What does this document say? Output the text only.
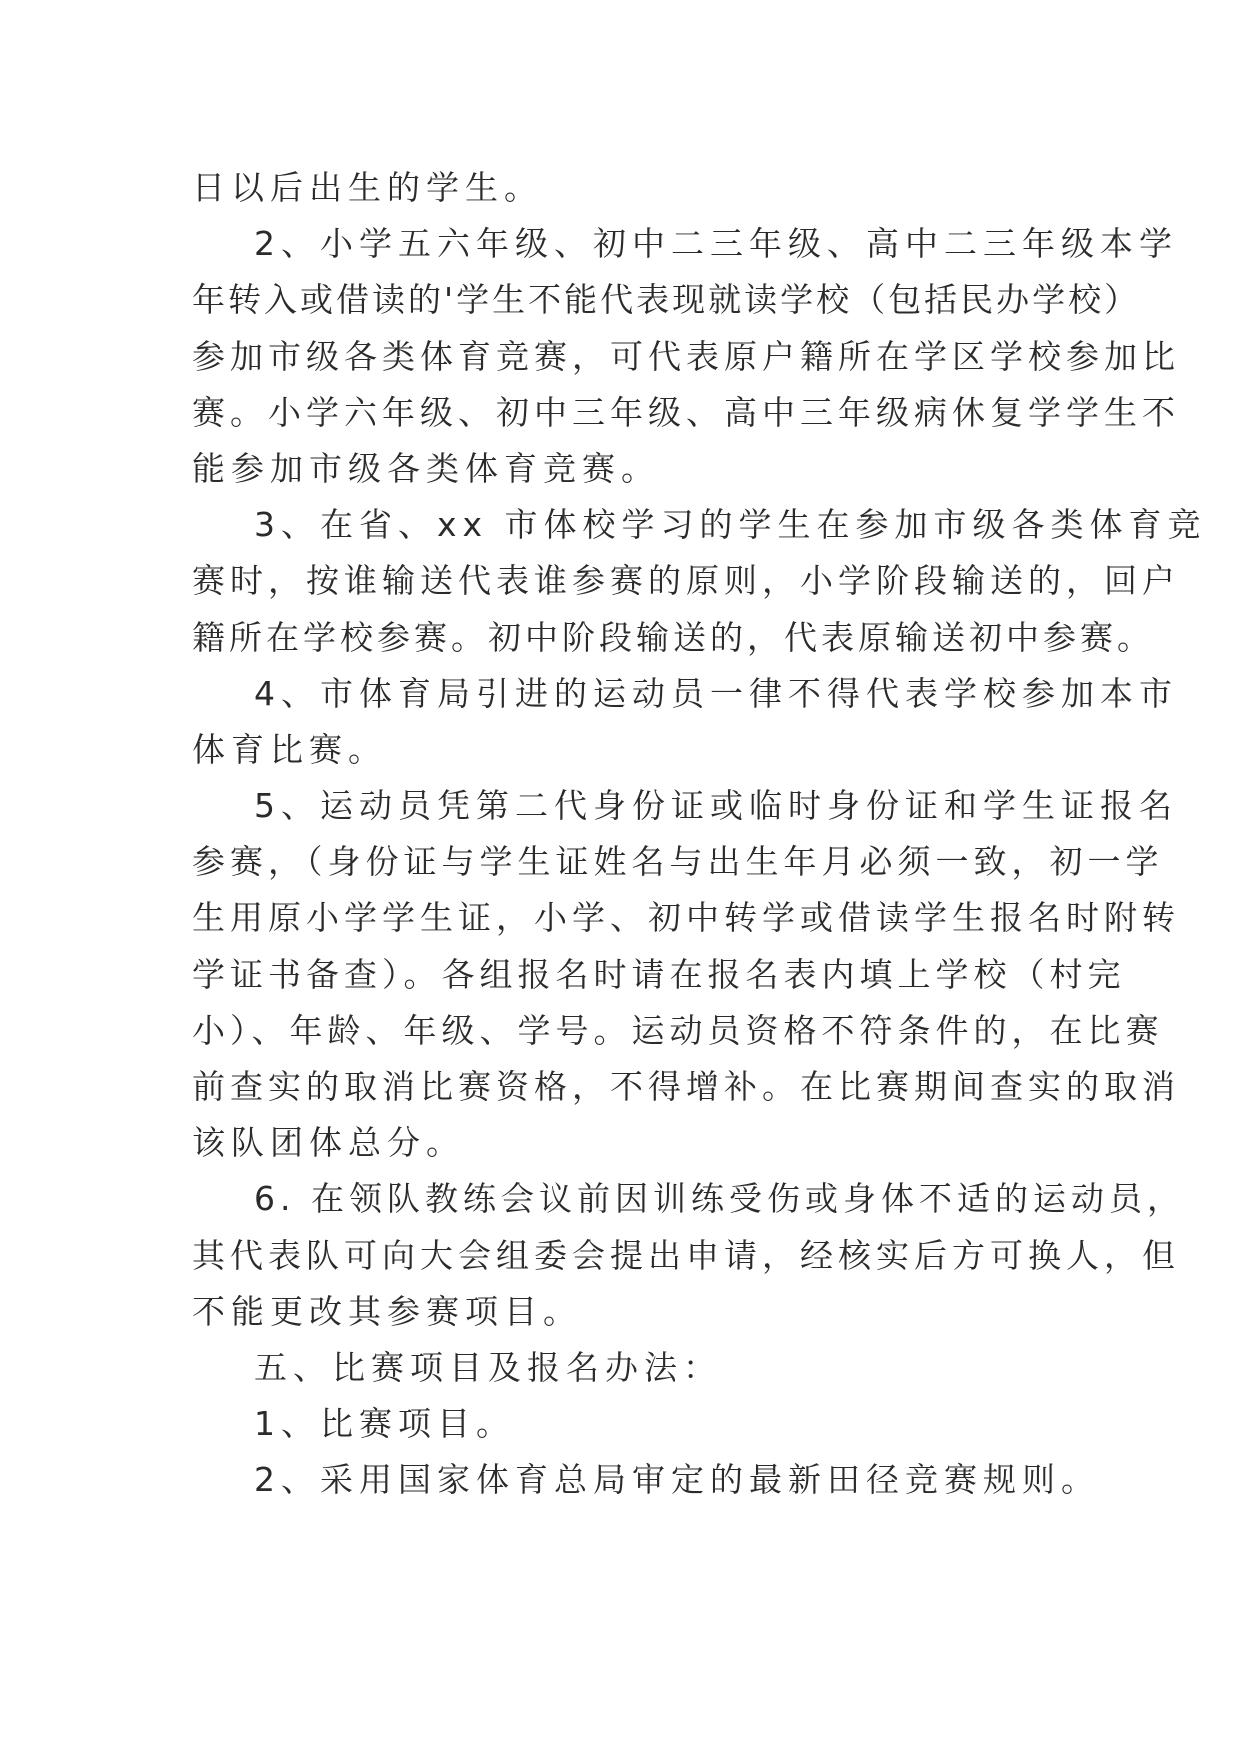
日以后出生的学生。
2、小学五六年级、初中二三年级、高中二三年级本学
年转入或借读的'学生不能代表现就读学校（包括民办学校）
参加市级各类体育竞赛，可代表原户籍所在学区学校参加比
赛。小学六年级、初中三年级、高中三年级病休复学学生不
能参加市级各类体育竞赛。
3、在省、xx 市体校学习的学生在参加市级各类体育竞
赛时，按谁输送代表谁参赛的原则，小学阶段输送的，回户
籍所在学校参赛。初中阶段输送的，代表原输送初中参赛。
4、市体育局引进的运动员一律不得代表学校参加本市
体育比赛。
5、运动员凭第二代身份证或临时身份证和学生证报名
参赛，（身份证与学生证姓名与出生年月必须一致，初一学
生用原小学学生证，小学、初中转学或借读学生报名时附转
学证书备查）。各组报名时请在报名表内填上学校（村完
小）、年龄、年级、学号。运动员资格不符条件的，在比赛
前查实的取消比赛资格，不得增补。在比赛期间查实的取消
该队团体总分。
6. 在领队教练会议前因训练受伤或身体不适的运动员，
其代表队可向大会组委会提出申请，经核实后方可换人，但
不能更改其参赛项目。
五、比赛项目及报名办法：
1、比赛项目。
2、采用国家体育总局审定的最新田径竞赛规则。
